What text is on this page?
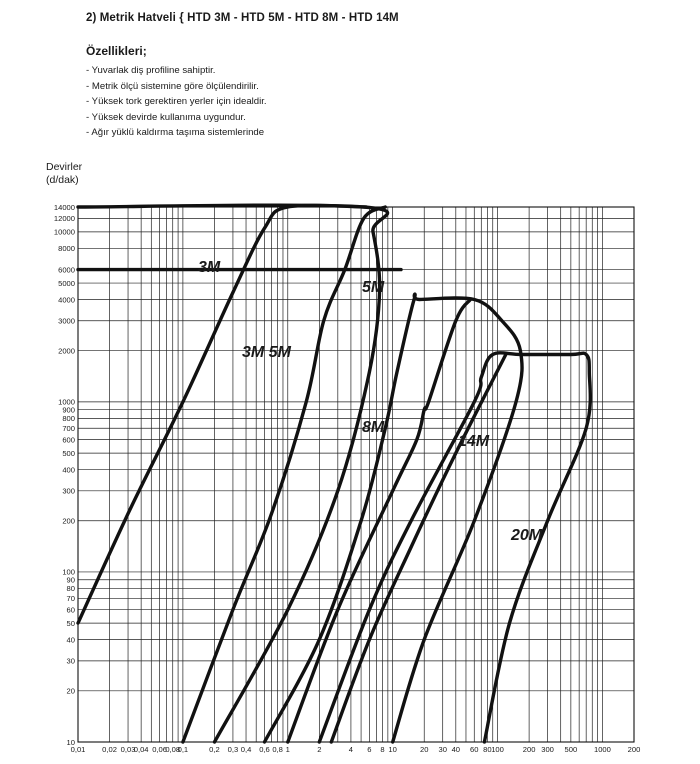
2) Metrik Hatveli { HTD 3M - HTD 5M - HTD 8M - HTD 14M
Özellikleri;
- Yuvarlak diş profiline sahiptir.
- Metrik ölçü sistemine göre ölçülendirilir.
- Yüksek tork gerektiren yerler için idealdir.
- Yüksek devirde kullanıma uygundur.
- Ağır yüklü kaldırma taşıma sistemlerinde
Devirler
(d/dak)
0,01 0,02 0,03
0,04 0,06
0,08
0,1	0,2 0,3 0,4 0,6 0,8 1	2	4 6 8 10	20 30 40 60 80 100 200 300 500 1000 200
10
20
30
40
50
60
70
80
90
100
200
300
400
500
600
700
800
900
1000
2000
3000
4000
5000
6000
8000
10000
12000
14000
3M
5M
3M 5M
8M
14M
20M
